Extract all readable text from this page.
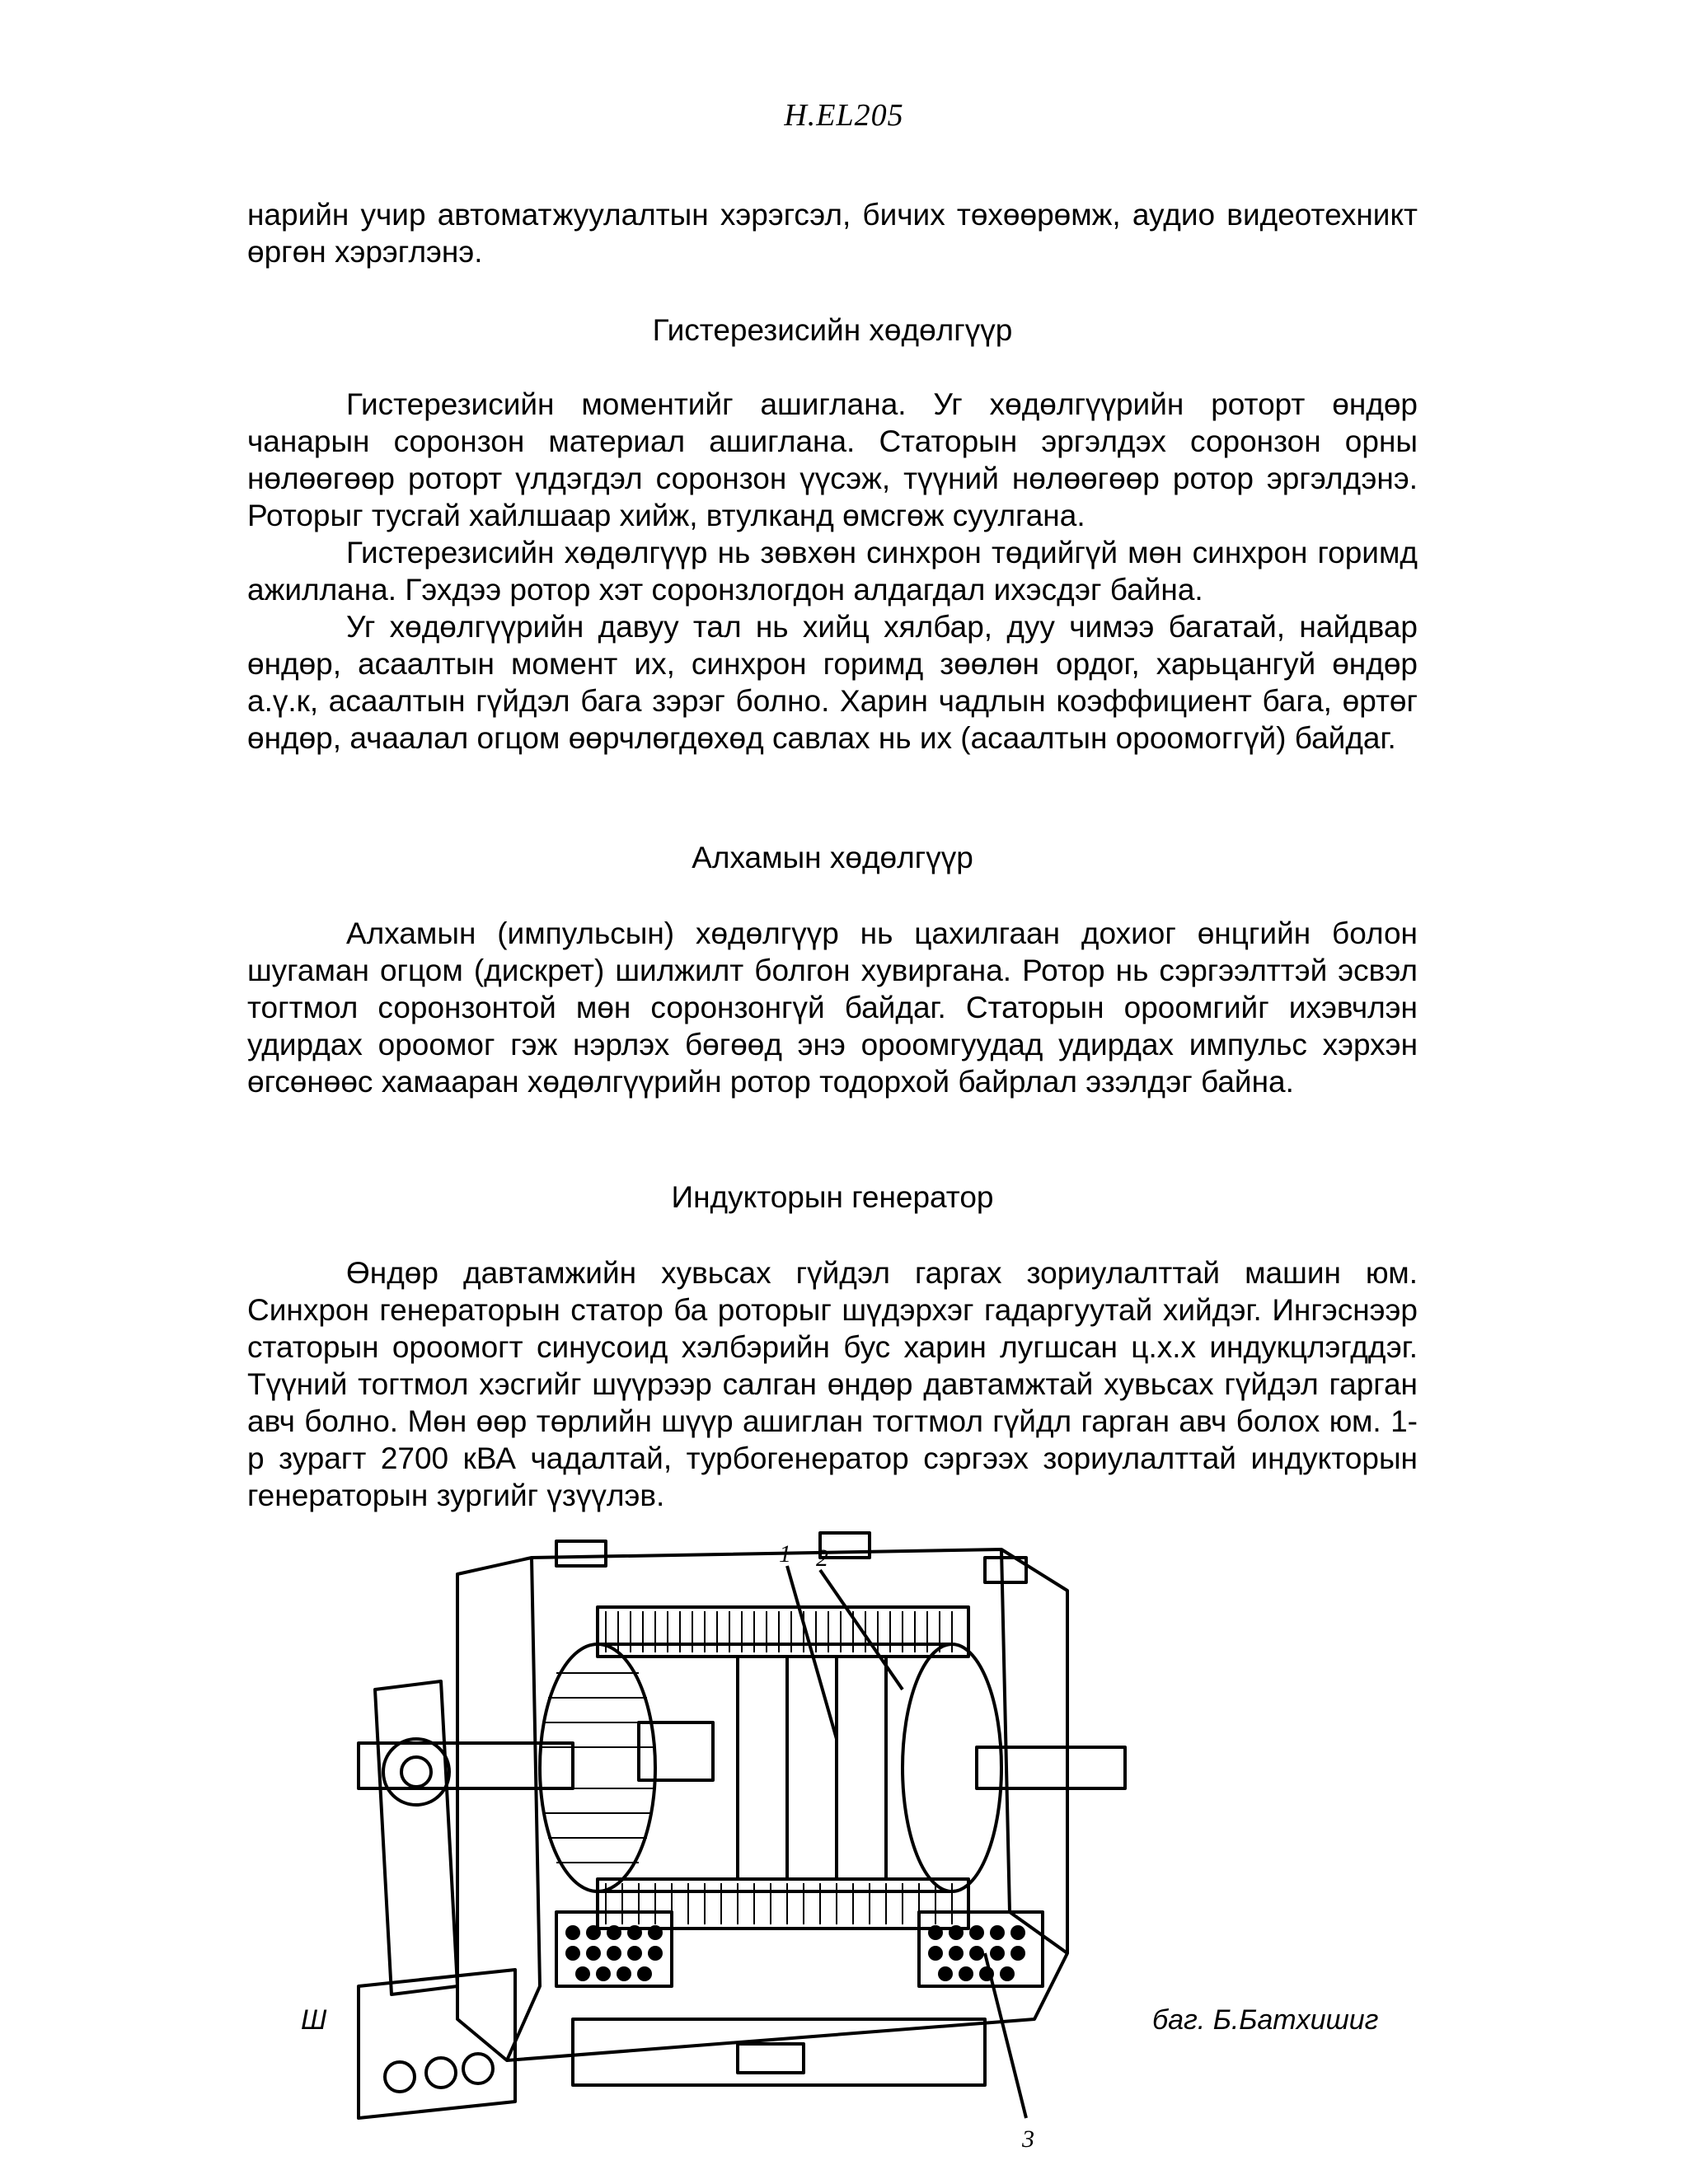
H.EL205

нарийн учир автоматжуулалтын хэрэгсэл, бичих төхөөрөмж, аудио видеотехникт өргөн хэрэглэнэ.

Гистерезисийн хөдөлгүүр

Гистерезисийн моментийг ашиглана. Уг хөдөлгүүрийн роторт өндөр чанарын соронзон материал ашиглана. Статорын эргэлдэх соронзон орны нөлөөгөөр роторт үлдэгдэл соронзон үүсэж, түүний нөлөөгөөр ротор эргэлдэнэ. Роторыг тусгай хайлшаар хийж, втулканд өмсгөж суулгана.

Гистерезисийн хөдөлгүүр нь зөвхөн синхрон төдийгүй мөн синхрон горимд ажиллана. Гэхдээ ротор хэт соронзлогдон алдагдал ихэсдэг байна.

Уг хөдөлгүүрийн давуу тал нь хийц хялбар, дуу чимээ багатай, найдвар өндөр, асаалтын момент их, синхрон горимд зөөлөн ордог, харьцангуй өндөр а.ү.к, асаалтын гүйдэл бага зэрэг болно. Харин чадлын коэффициент бага, өртөг өндөр, ачаалал огцом өөрчлөгдөхөд савлах нь их (асаалтын ороомоггүй) байдаг.

Алхамын хөдөлгүүр

Алхамын (импульсын) хөдөлгүүр нь цахилгаан дохиог өнцгийн болон шугаман огцом (дискрет) шилжилт болгон хувиргана. Ротор нь сэргээлттэй эсвэл тогтмол соронзонтой мөн соронзонгүй байдаг. Статорын ороомгийг ихэвчлэн удирдах ороомог гэж нэрлэх бөгөөд энэ ороомгуудад удирдах импульс хэрхэн өгсөнөөс хамааран хөдөлгүүрийн ротор тодорхой байрлал эзэлдэг байна.

Индукторын генератор

Өндөр давтамжийн хувьсах гүйдэл гаргах зориулалттай машин юм. Синхрон генераторын статор ба роторыг шүдэрхэг гадаргуутай хийдэг. Ингэснээр статорын ороомогт синусоид хэлбэрийн бус харин лугшсан ц.х.х индукцлэгддэг. Түүний тогтмол хэсгийг шүүрээр салган өндөр давтамжтай хувьсах гүйдэл гарган авч болно. Мөн өөр төрлийн шүүр ашиглан тогтмол гүйдл гарган авч болох юм. 1-р зурагт 2700 кВА чадалтай, турбогенератор сэргээх зориулалттай индукторын генераторын зургийг үзүүлэв.

1 2
3
Ш	баг. Б.Батхишиг
